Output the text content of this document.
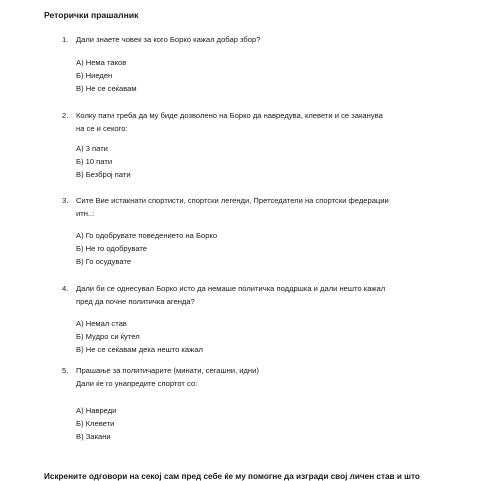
Реторички прашалник
1.	Дали знаете човек за кого Борко кажал добар збор?
А) Нема таков
Б) Ниеден
В) Не се сеќавам
2.	Колку пати треба да му биде дозволено на Борко да навредува, клевети и се заканува
на се и секого:
А) 3 пати
Б) 10 пати
В) Безброј пати
3.	Сите Вие истакнати спортисти, спортски легенди, Претседатели на спортски федерации
итн..:
А) Го одобрувате поведението на Борко
Б) Не го одобрувате
В) Го осудувате
4.	Дали би се однесувал Борко исто да немаше политичка поддршка и дали нешто кажал
пред да почне политичка агенда?
А) Немал став
Б) Мудро си ќутел
В) Не се сеќавам дека нешто кажал
5.	Прашање за политичарите (минати, сегашни, идни)
Дали ќе го унапредите спортот со:
А) Навреди
Б) Клевети
В) Закани
Искрените одговори на секој сам пред себе ќе му помогне да изгради свој личен став и што
